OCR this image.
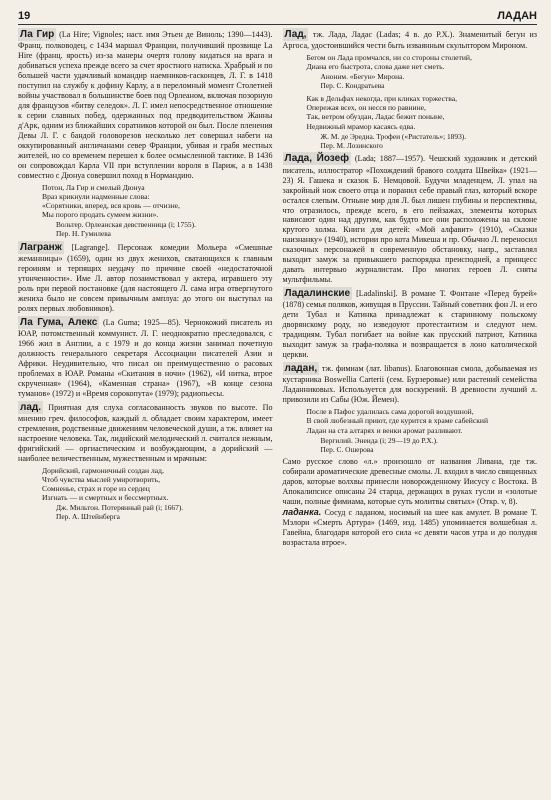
19	ЛАДАН
Ла Гир (La Hire; Vignoles; наст. имя Этьен де Виноль; 1390—1443). Франц. полководец, с 1434 маршал Франции, получивший прозвище La Hire (франц. ярость) из-за манеры очертя голову кидаться на врага и добиваться успеха прежде всего за счет яростного натиска. Храбрый и по большей части удачливый командир наемников-гасконцев, Л. Г. в 1418 поступил на службу к дофину Карлу, а в переломный момент Столетней войны участвовал в большинстве боев под Орлеаном, включая позорную для французов «битву селедок». Л. Г. имел непосредственное отношение к серии славных побед, одержанных под предводительством Жанны д'Арк, одним из ближайших соратников которой он был. После пленения Девы Л. Г. с бандой головорезов несколько лет совершал набеги на оккупированный англичанами север Франции, убивая и грабя местных жителей, но со временем перешел к более осмысленной тактике. В 1436 он сопровождал Карла VII при вступлении короля в Париж, а в 1438 совместно с Дюнуа совершил поход в Нормандию.
Потон, Ла Гир и смелый Дюнуа
Враз крикнули надменные слова:
«Сорятники, вперед, вся кровь — отчизне,
Мы порого продать сумеем жизни».
Вольтер. Орлеанская девственница (i; 1755).
Пер. Н. Гумилева
Лагранж [Lagrange]. Персонаж комедии Мольера «Смешные жеманницы» (1659), один из двух женихов, сватающихся к главным героиням и терпящих неудачу по причине своей «недостаточной утонченности». Име Л. автор позаимствовал у актера, игравшего эту роль при первой постановке (для настоящего Л. сама игра отвергнутого жениха было не совсем привычным амплуа: до этого он выступал на ролях первых любовников).
Ла Гума, Алекс (La Guma; 1925—85). Чернокожий писатель из ЮАР, потомственный коммунист. Л. Г. неоднократно преследовался, с 1966 жил в Англии, а с 1979 и до конца жизни занимал почетную должность генерального секретаря Ассоциации писателей Азии и Африки. Неудивительно, что писал он преимущественно о расовых проблемах в ЮАР. Романы «Скитания в ночи» (1962), «И нитка, втрое скрученная» (1964), «Каменная страна» (1967), «В конце сезона туманов» (1972) и «Время сорокопута» (1979); радиопьесы.
лад. Приятная для слуха согласованность звуков по высоте. По мнению греч. философов, каждый л. обладает своим характером, имеет стремления, родственные движениям человеческой души, а тж. влияет на настроение человека. Так, лидийский мелодический л. считался нежным, фригийский — оргиастическим и возбуждающим, а дорийский — наиболее величественным, мужественным и мрачным:
Дорийский, гармоничный создан лад,
Чтоб чувства мыслей умиротворить,
Сомненье, страх и горе из сердец
Изгнать — и смертных и бессмертных.
Дж. Мильтон. Потерянный рай (i; 1667).
Пер. А. Штейнберга
Лад, тж. Лада, Ладас (Ladas; 4 в. до Р.Х.). Знаменитый бегун из Аргоса, удостоившийся чести быть изваянным скульптором Мироном.
Бегом он Лада промчался, ни со стороны столетий,
Диана его быстрота, слова даже нет сметь.
Аноним. «Бегун» Мирона.
Пер. С. Кондратьева
Как в Дельфах некогда, при кликах торжества,
Опережая всех, он несся по равнине,
Так, ветром обуздан, Ладас бежит поныне,
Недвижный мрамор касаясь едва.
Ж. М. де Эредиа. Трофеи («Ристатель»; 1893).
Пер. М. Лозинского
Лада, Йозеф (Lada; 1887—1957). Чешский художник и детский писатель, иллюстратор «Похождений бравого солдата Швейка» (1921—23) Я. Гашека и сказок Б. Немцовой. Будучи младенцем, Л. упал на закройный нож своего отца и поранил себе правый глаз, который вскоре остался слепым. Отныне мир для Л. был лишен глубины и перспективы, что отразилось, прежде всего, в его пейзажах, элементы которых нависают один над другим, как будто все они расположены на склоне крутого холма. Книги для детей: «Мой алфавит» (1910), «Сказки наизнанку» (1940), истории про кота Микеша и пр. Обычно Л. переносил сказочных персонажей в современную обстановку, напр., заставлял выходит замуж за привыкшего распорядка преисподней, а принцесс давать интервью журналистам. Про многих героев Л. сняты мультфильмы.
Ладалинские [Ladalinski]. В романе Т. Фонтане «Перед бурей» (1878) семья поляков, живущая в Пруссии. Тайный советник фон Л. и его дети Тубал и Катинка принадлежат к старинному польскому дворянскому роду, но изведоуют протестантизм и следуют нем. традициям. Тубал погибает на войне как прусский патриот, Катинка выходит замуж за графа-поляка и возвращается в лоно католической церкви.
ладан, тж. фимиам (лат. libanus). Благовонная смола, добываемая из кустарника Boswellia Carterii (сем. Бурзеровые) или растений семейства Ладанниковых. Используется для воскурений. В древности лучший л. привозили из Сабы (Юж. Йемен).
После в Пафос удалилась сама дорогой воздушной,
В свой любезный приют, где курится в храме сабейский
Ладан на ста алтарях и венки аромат разливают.
Вергилий. Энеида (i; 29—19 до Р.Х.).
Пер. С. Ошерова
Само русское слово «л.» произошло от названия Ливана, где тж. собирали ароматические древесные смолы. Л. входил в число священных даров, которые волхвы принесли новорожденному Иисусу с Востока. В Апокалипсисе описаны 24 старца, держащих в руках гусли и «золотые чаши, полные фимиама, которые суть молитвы святых» (Откр. v, 8).
ладанка. Сосуд с ладаном, носимый на шее как амулет. В романе Т. Мэлори «Смерть Артура» (1469, изд. 1485) упоминается волшебная л. Гавейна, благодаря которой его сила «с девяти часов утра и до полудня возрастала втрое».
